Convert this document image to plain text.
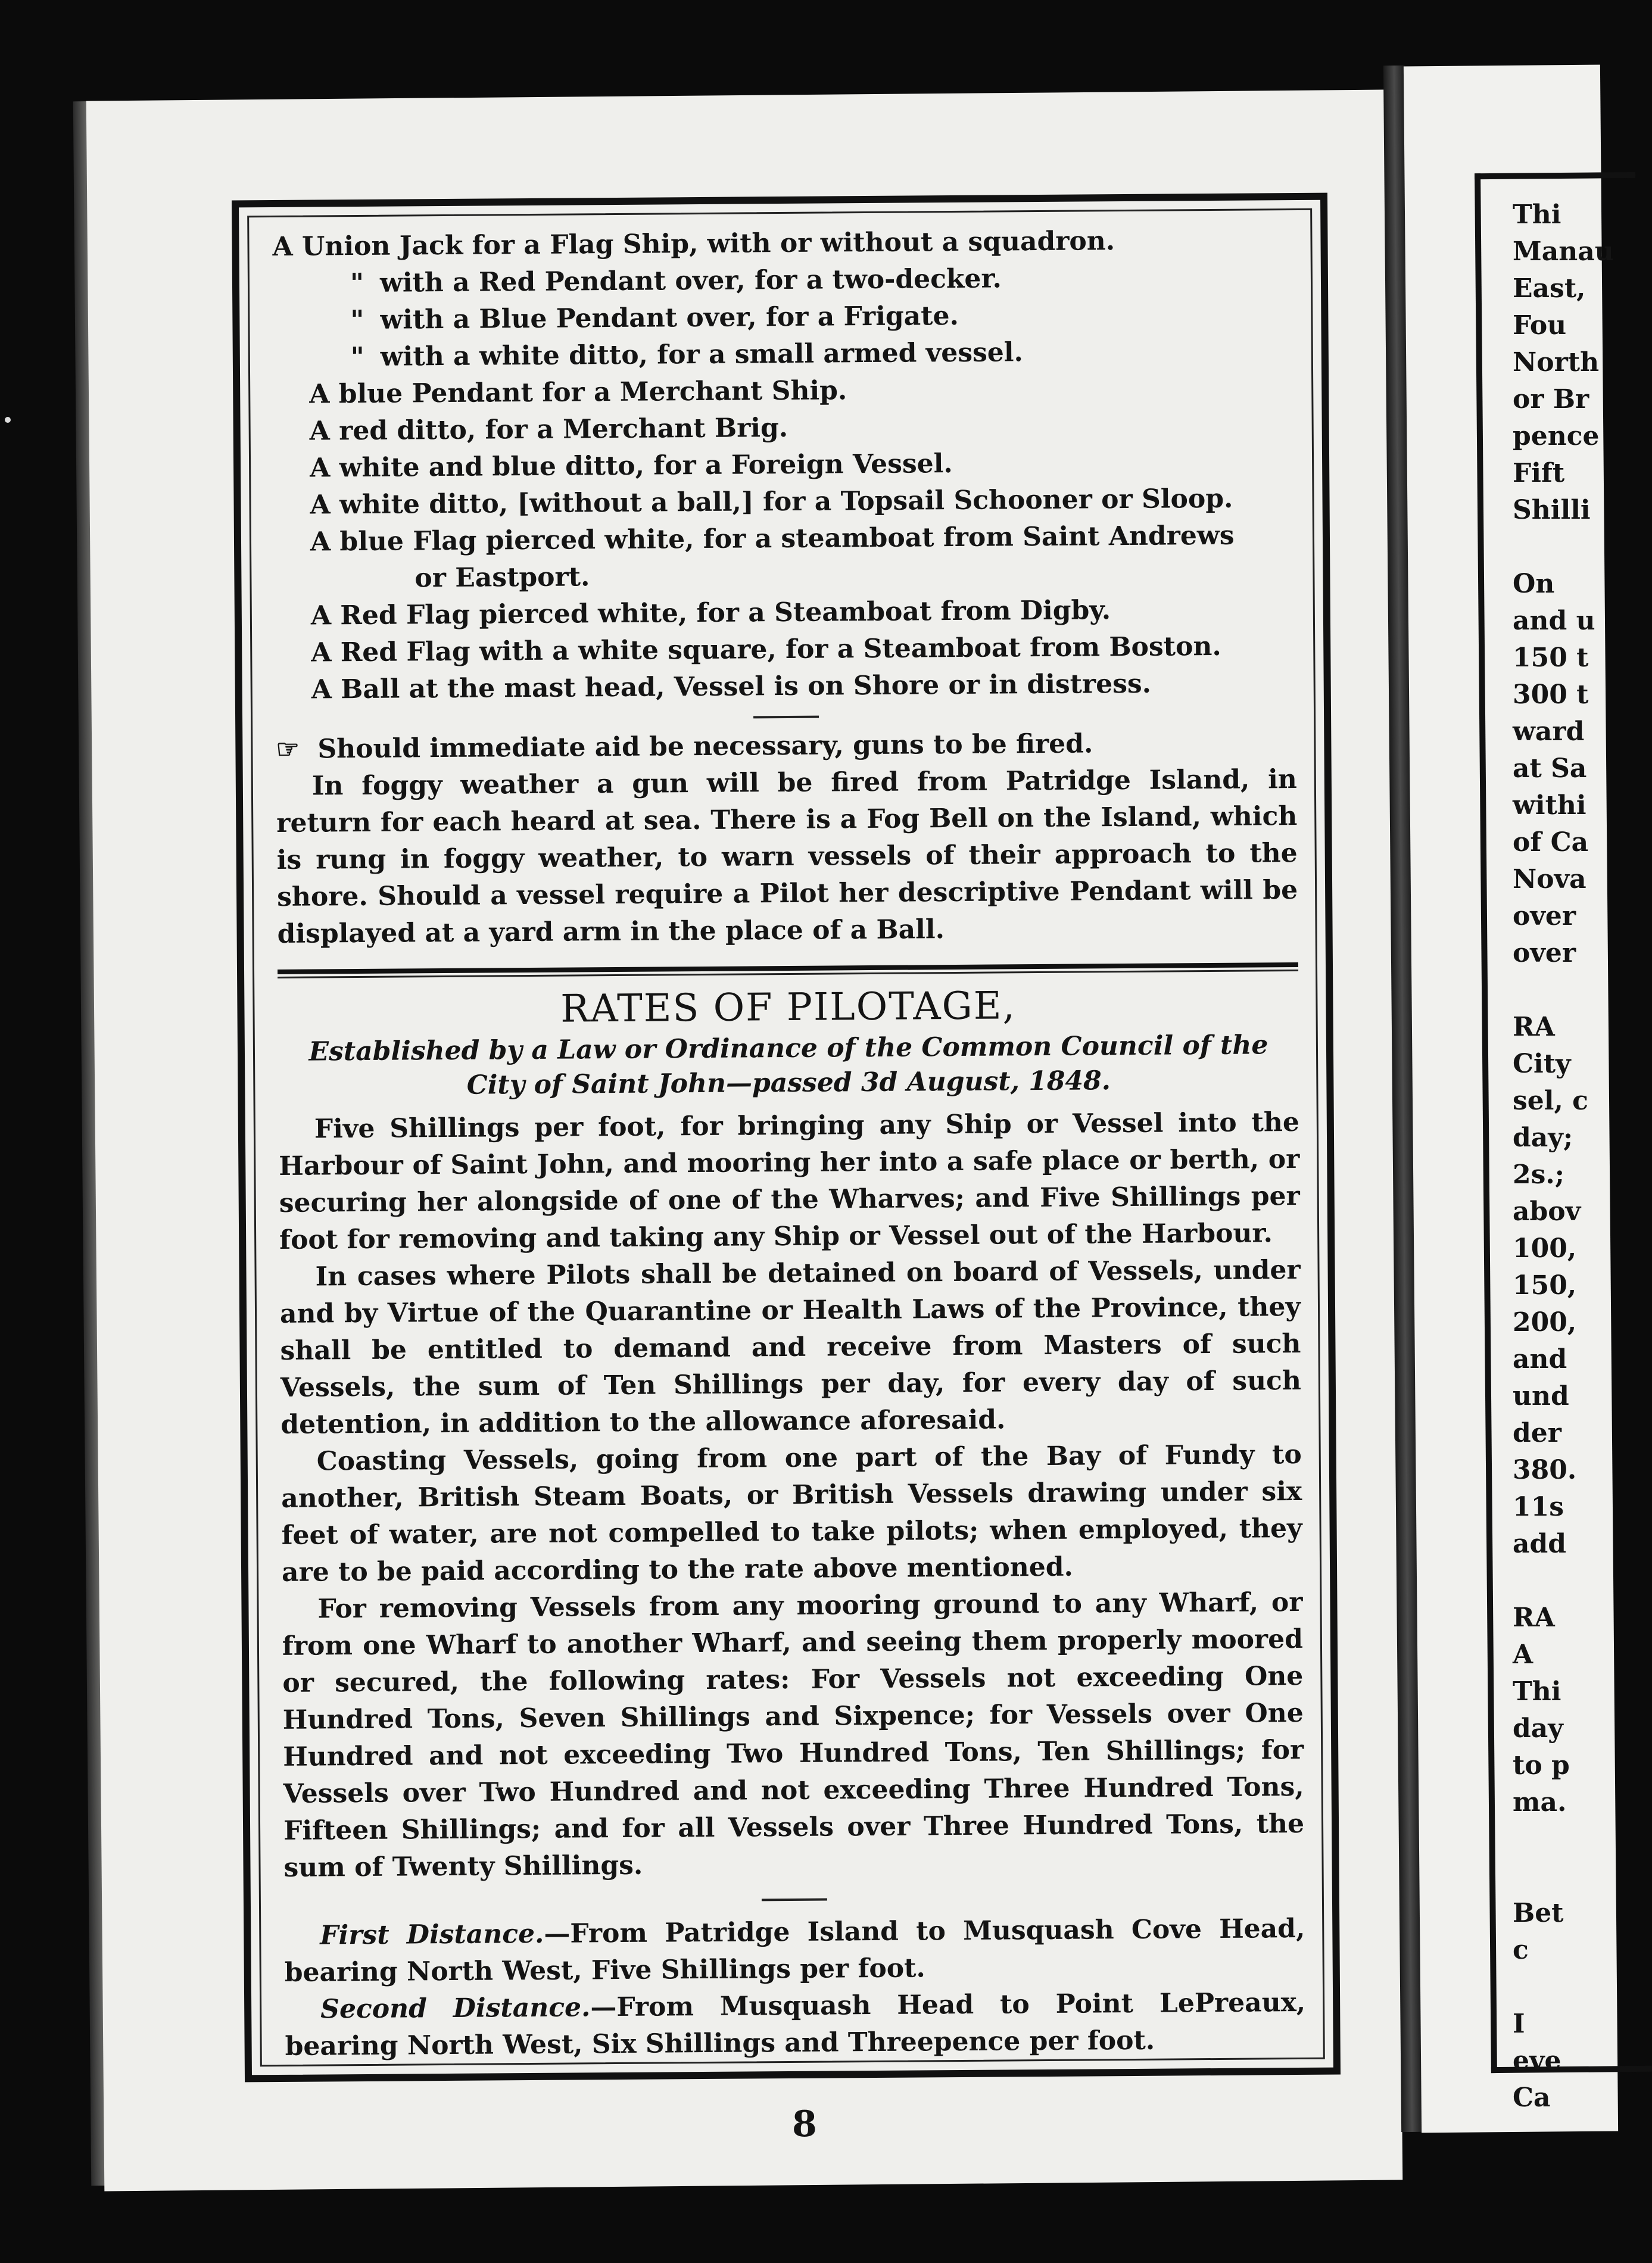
A Union Jack for a Flag Ship, with or without a squadron.
" with a Red Pendant over, for a two-decker.
" with a Blue Pendant over, for a Frigate.
" with a white ditto, for a small armed vessel.
A blue Pendant for a Merchant Ship.
A red ditto, for a Merchant Brig.
A white and blue ditto, for a Foreign Vessel.
A white ditto, [without a ball,] for a Topsail Schooner or Sloop.
A blue Flag pierced white, for a steamboat from Saint Andrews
or Eastport.
A Red Flag pierced white, for a Steamboat from Digby.
A Red Flag with a white square, for a Steamboat from Boston.
A Ball at the mast head, Vessel is on Shore or in distress.
☞ Should immediate aid be necessary, guns to be fired.

In foggy weather a gun will be fired from Patridge Island, in return for each heard at sea. There is a Fog Bell on the Island, which is rung in foggy weather, to warn vessels of their approach to the shore. Should a vessel require a Pilot her descriptive Pendant will be displayed at a yard arm in the place of a Ball.

RATES OF PILOTAGE,
Established by a Law or Ordinance of the Common Council of the City of Saint John—passed 3d August, 1848.

Five Shillings per foot, for bringing any Ship or Vessel into the Harbour of Saint John, and mooring her into a safe place or berth, or securing her alongside of one of the Wharves; and Five Shillings per foot for removing and taking any Ship or Vessel out of the Harbour.

In cases where Pilots shall be detained on board of Vessels, under and by Virtue of the Quarantine or Health Laws of the Province, they shall be entitled to demand and receive from Masters of such Vessels, the sum of Ten Shillings per day, for every day of such detention, in addition to the allowance aforesaid.

Coasting Vessels, going from one part of the Bay of Fundy to another, British Steam Boats, or British Vessels drawing under six feet of water, are not compelled to take pilots; when employed, they are to be paid according to the rate above mentioned.

For removing Vessels from any mooring ground to any Wharf, or from one Wharf to another Wharf, and seeing them properly moored or secured, the following rates: For Vessels not exceeding One Hundred Tons, Seven Shillings and Sixpence; for Vessels over One Hundred and not exceeding Two Hundred Tons, Ten Shillings; for Vessels over Two Hundred and not exceeding Three Hundred Tons, Fifteen Shillings; and for all Vessels over Three Hundred Tons, the sum of Twenty Shillings.

First Distance.—From Patridge Island to Musquash Cove Head, bearing North West, Five Shillings per foot.

Second Distance.—From Musquash Head to Point LePreaux, bearing North West, Six Shillings and Threepence per foot.

8
Thi
Manau
East,
Fou
North
or Br
pence
Fift
Shilli

On
and u
150 t
300 t
ward
at Sa
withi
of Ca
Nova
over
over

RA
City
sel, c
day;
2s.;
abov
100,
150,
200,
and
und
der
380.
11s
add

RA
A
Thi
day
to p
ma.

Bet
c

I
eve
Ca
